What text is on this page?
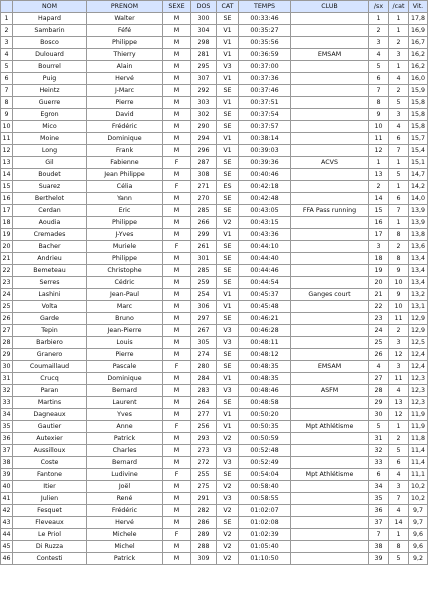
	NOM	PRENOM	SEXE	DOS	CAT	TEMPS	CLUB	/sx	/cat	Vit.
1	Hapard	Walter	M	300	SE	00:33:46		1	1	17,8
2	Sambarin	Féfé	M	304	V1	00:35:27		2	1	16,9
3	Bosco	Philippe	M	298	V1	00:35:56		3	2	16,7
4	Dulouard	Thierry	M	281	V1	00:36:59	EMSAM	4	3	16,2
5	Bourrel	Alain	M	295	V3	00:37:00		5	1	16,2
6	Puig	Hervé	M	307	V1	00:37:36		6	4	16,0
7	Heintz	J-Marc	M	292	SE	00:37:46		7	2	15,9
8	Guerre	Pierre	M	303	V1	00:37:51		8	5	15,8
9	Egron	David	M	302	SE	00:37:54		9	3	15,8
10	Mico	Frédéric	M	290	SE	00:37:57		10	4	15,8
11	Moine	Dominique	M	294	V1	00:38:14		11	6	15,7
12	Long	Frank	M	296	V1	00:39:03		12	7	15,4
13	Gil	Fabienne	F	287	SE	00:39:36	ACVS	1	1	15,1
14	Boudet	Jean Philippe	M	308	SE	00:40:46		13	5	14,7
15	Suarez	Célia	F	271	ES	00:42:18		2	1	14,2
16	Berthelot	Yann	M	270	SE	00:42:48		14	6	14,0
17	Cerdan	Eric	M	285	SE	00:43:05	FFA Pass running	15	7	13,9
18	Aoudia	Philippe	M	266	V2	00:43:15		16	1	13,9
19	Cremades	J-Yves	M	299	V1	00:43:36		17	8	13,8
20	Bacher	Muriele	F	261	SE	00:44:10		3	2	13,6
21	Andrieu	Philippe	M	301	SE	00:44:40		18	8	13,4
22	Bemeteau	Christophe	M	285	SE	00:44:46		19	9	13,4
23	Serres	Cédric	M	259	SE	00:44:54		20	10	13,4
24	Lashini	Jean-Paul	M	254	V1	00:45:37	Ganges court	21	9	13,2
25	Volta	Marc	M	306	V1	00:45:48		22	10	13,1
26	Garde	Bruno	M	297	SE	00:46:21		23	11	12,9
27	Tepin	Jean-Pierre	M	267	V3	00:46:28		24	2	12,9
28	Barbiero	Louis	M	305	V3	00:48:11		25	3	12,5
29	Granero	Pierre	M	274	SE	00:48:12		26	12	12,4
30	Coumaillaud	Pascale	F	280	SE	00:48:35	EMSAM	4	3	12,4
31	Crucq	Dominique	M	284	V1	00:48:35		27	11	12,3
32	Paran	Bernard	M	283	V3	00:48:46	ASFM	28	4	12,3
33	Martins	Laurent	M	264	SE	00:48:58		29	13	12,3
34	Dagneaux	Yves	M	277	V1	00:50:20		30	12	11,9
35	Gautier	Anne	F	256	V1	00:50:35	Mpt Athlétisme	5	1	11,9
36	Autexier	Patrick	M	293	V2	00:50:59		31	2	11,8
37	Aussilloux	Charles	M	273	V3	00:52:48		32	5	11,4
38	Coste	Bernard	M	272	V3	00:52:49		33	6	11,4
39	Fantone	Ludivine	F	255	SE	00:54:04	Mpt Athlétisme	6	4	11,1
40	Itier	Joël	M	275	V2	00:58:40		34	3	10,2
41	Julien	René	M	291	V3	00:58:55		35	7	10,2
42	Fesquet	Frédéric	M	282	V2	01:02:07		36	4	9,7
43	Fleveaux	Hervé	M	286	SE	01:02:08		37	14	9,7
44	Le Priol	Michele	F	289	V2	01:02:39		7	1	9,6
45	Di Ruzza	Michel	M	288	V2	01:05:40		38	8	9,6
46	Contesti	Patrick	M	309	V2	01:10:50		39	5	9,2
